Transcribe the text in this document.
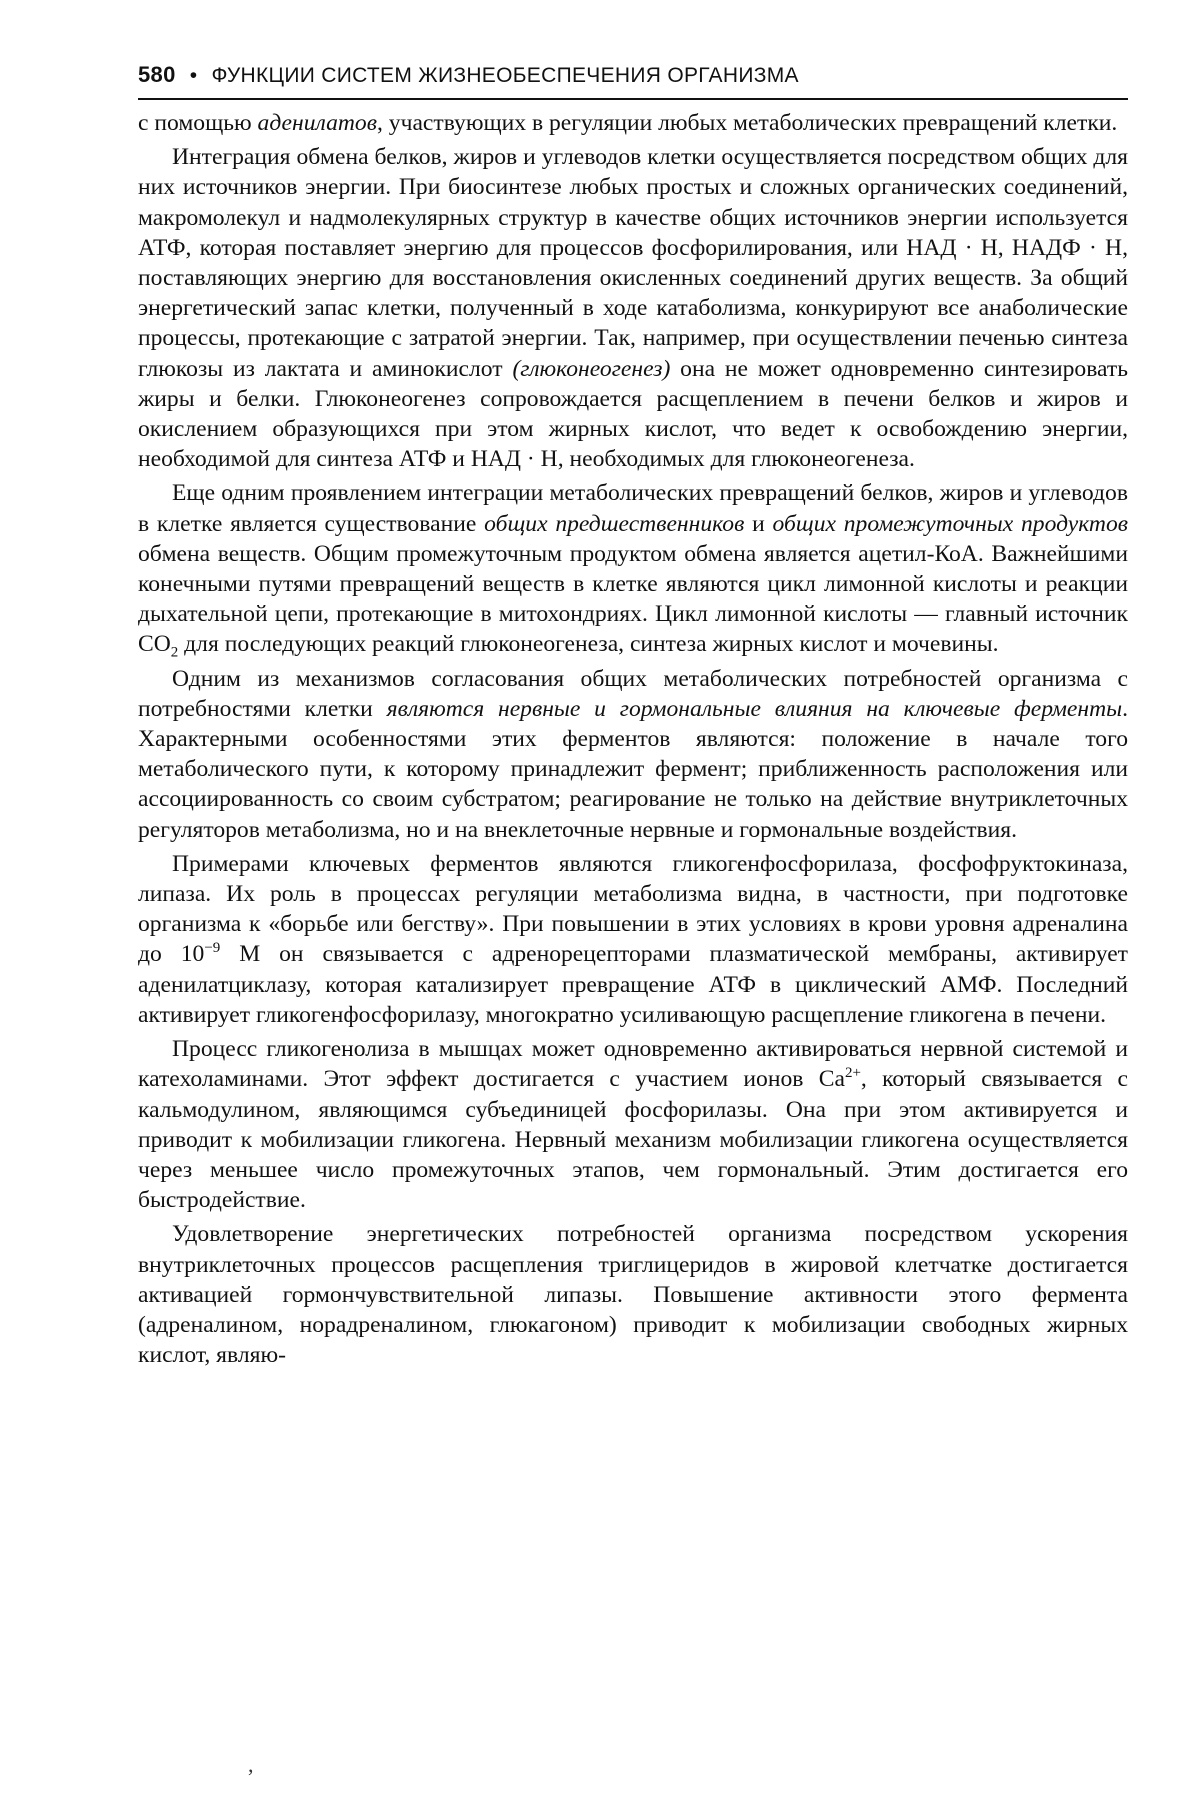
580 • ФУНКЦИИ СИСТЕМ ЖИЗНЕОБЕСПЕЧЕНИЯ ОРГАНИЗМА

с помощью аденилатов, участвующих в регуляции любых метаболических превращений клетки.

Интеграция обмена белков, жиров и углеводов клетки осуществляется посредством общих для них источников энергии. При биосинтезе любых простых и сложных органических соединений, макромолекул и надмолекулярных структур в качестве общих источников энергии используется АТФ, которая поставляет энергию для процессов фосфорилирования, или НАД · Н, НАДФ · Н, поставляющих энергию для восстановления окисленных соединений других веществ. За общий энергетический запас клетки, полученный в ходе катаболизма, конкурируют все анаболические процессы, протекающие с затратой энергии. Так, например, при осуществлении печенью синтеза глюкозы из лактата и аминокислот (глюконеогенез) она не может одновременно синтезировать жиры и белки. Глюконеогенез сопровождается расщеплением в печени белков и жиров и окислением образующихся при этом жирных кислот, что ведет к освобождению энергии, необходимой для синтеза АТФ и НАД · Н, необходимых для глюконеогенеза.

Еще одним проявлением интеграции метаболических превращений белков, жиров и углеводов в клетке является существование общих предшественников и общих промежуточных продуктов обмена веществ. Общим промежуточным продуктом обмена является ацетил-КоА. Важнейшими конечными путями превращений веществ в клетке являются цикл лимонной кислоты и реакции дыхательной цепи, протекающие в митохондриях. Цикл лимонной кислоты — главный источник $CO_2$ для последующих реакций глюконеогенеза, синтеза жирных кислот и мочевины.

Одним из механизмов согласования общих метаболических потребностей организма с потребностями клетки являются нервные и гормональные влияния на ключевые ферменты. Характерными особенностями этих ферментов являются: положение в начале того метаболического пути, к которому принадлежит фермент; приближенность расположения или ассоциированность со своим субстратом; реагирование не только на действие внутриклеточных регуляторов метаболизма, но и на внеклеточные нервные и гормональные воздействия.

Примерами ключевых ферментов являются гликогенфосфорилаза, фосфофруктокиназа, липаза. Их роль в процессах регуляции метаболизма видна, в частности, при подготовке организма к «борьбе или бегству». При повышении в этих условиях в крови уровня адреналина до $10^{-9}$ М он связывается с адренорецепторами плазматической мембраны, активирует аденилатциклазу, которая катализирует превращение АТФ в циклический АМФ. Последний активирует гликогенфосфорилазу, многократно усиливающую расщепление гликогена в печени.

Процесс гликогенолиза в мышцах может одновременно активироваться нервной системой и катехоламинами. Этот эффект достигается с участием ионов $Ca^{2+}$, который связывается с кальмодулином, являющимся субъединицей фосфорилазы. Она при этом активируется и приводит к мобилизации гликогена. Нервный механизм мобилизации гликогена осуществляется через меньшее число промежуточных этапов, чем гормональный. Этим достигается его быстродействие.

Удовлетворение энергетических потребностей организма посредством ускорения внутриклеточных процессов расщепления триглицеридов в жировой клетчатке достигается активацией гормончувствительной липазы. Повышение активности этого фермента (адреналином, норадреналином, глюкагоном) приводит к мобилизации свободных жирных кислот, являю-

,
